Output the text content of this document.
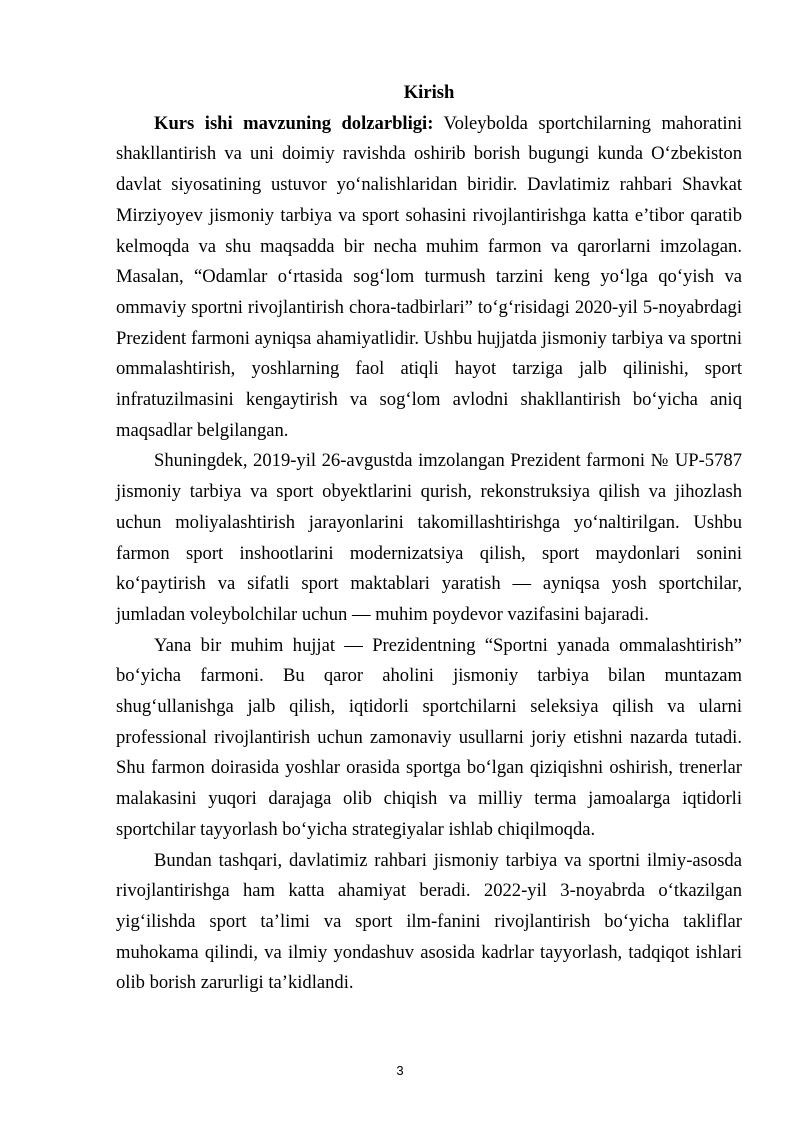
Kirish

Kurs ishi mavzuning dolzarbligi: Voleybolda sportchilarning mahoratini shakllantirish va uni doimiy ravishda oshirib borish bugungi kunda O‘zbekiston davlat siyosatining ustuvor yo‘nalishlaridan biridir. Davlatimiz rahbari Shavkat Mirziyoyev jismoniy tarbiya va sport sohasini rivojlantirishga katta e’tibor qaratib kelmoqda va shu maqsadda bir necha muhim farmon va qarorlarni imzolagan. Masalan, “Odamlar o‘rtasida sog‘lom turmush tarzini keng yo‘lga qo‘yish va ommaviy sportni rivojlantirish chora-tadbirlari” to‘g‘risidagi 2020-yil 5-noyabrdagi Prezident farmoni ayniqsa ahamiyatlidir. Ushbu hujjatda jismoniy tarbiya va sportni ommalashtirish, yoshlarning faol atiqli hayot tarziga jalb qilinishi, sport infratuzilmasini kengaytirish va sog‘lom avlodni shakllantirish bo‘yicha aniq maqsadlar belgilangan.

Shuningdek, 2019-yil 26-avgustda imzolangan Prezident farmoni № UP-5787 jismoniy tarbiya va sport obyektlarini qurish, rekonstruksiya qilish va jihozlash uchun moliyalashtirish jarayonlarini takomillashtirishga yo‘naltirilgan. Ushbu farmon sport inshootlarini modernizatsiya qilish, sport maydonlari sonini ko‘paytirish va sifatli sport maktablari yaratish — ayniqsa yosh sportchilar, jumladan voleybolchilar uchun — muhim poydevor vazifasini bajaradi.

Yana bir muhim hujjat — Prezidentning “Sportni yanada ommalashtirish” bo‘yicha farmoni. Bu qaror aholini jismoniy tarbiya bilan muntazam shug‘ullanishga jalb qilish, iqtidorli sportchilarni seleksiya qilish va ularni professional rivojlantirish uchun zamonaviy usullarni joriy etishni nazarda tutadi. Shu farmon doirasida yoshlar orasida sportga bo‘lgan qiziqishni oshirish, trenerlar malakasini yuqori darajaga olib chiqish va milliy terma jamoalarga iqtidorli sportchilar tayyorlash bo‘yicha strategiyalar ishlab chiqilmoqda.

Bundan tashqari, davlatimiz rahbari jismoniy tarbiya va sportni ilmiy-asosda rivojlantirishga ham katta ahamiyat beradi. 2022-yil 3-noyabrda o‘tkazilgan yig‘ilishda sport ta’limi va sport ilm-fanini rivojlantirish bo‘yicha takliflar muhokama qilindi, va ilmiy yondashuv asosida kadrlar tayyorlash, tadqiqot ishlari olib borish zarurligi ta’kidlandi.

3
